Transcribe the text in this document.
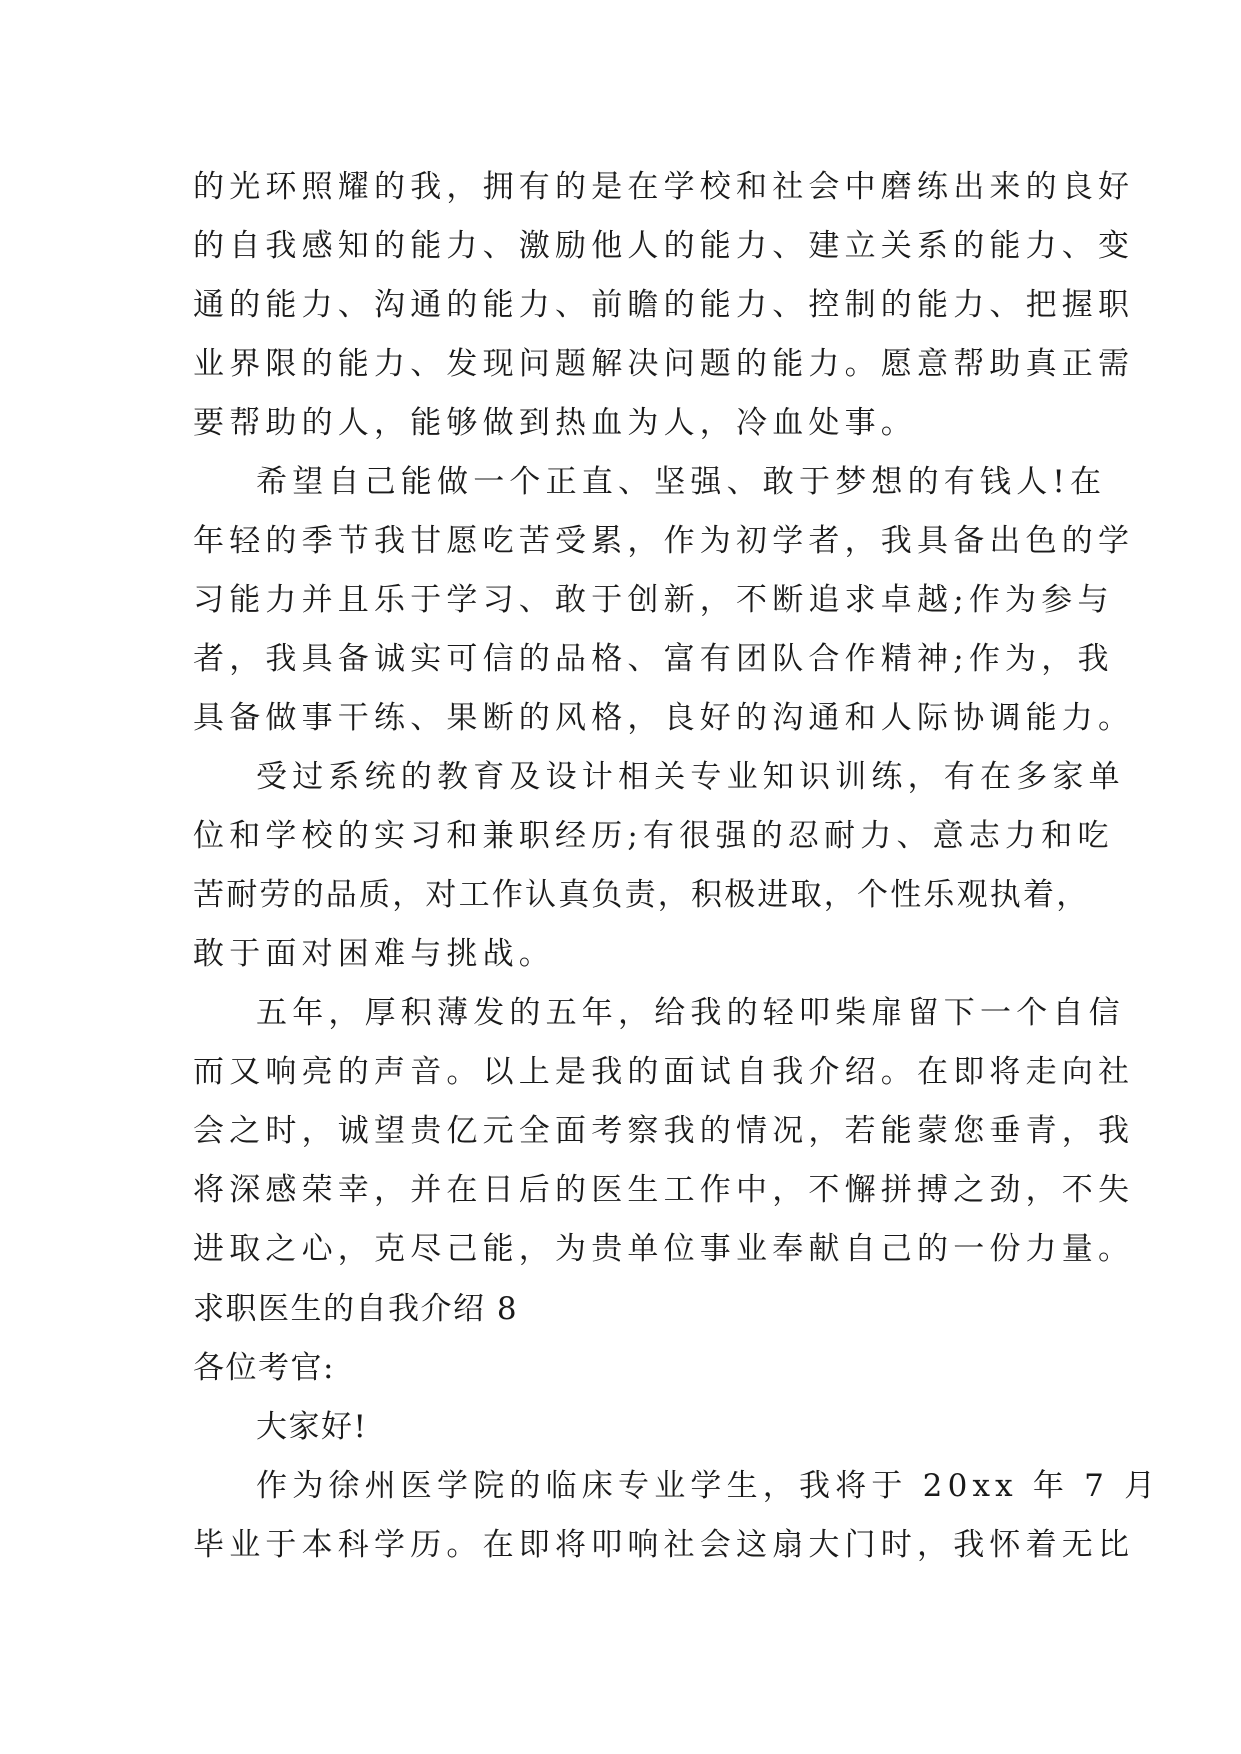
的光环照耀的我，拥有的是在学校和社会中磨练出来的良好

的自我感知的能力、激励他人的能力、建立关系的能力、变

通的能力、沟通的能力、前瞻的能力、控制的能力、把握职

业界限的能力、发现问题解决问题的能力。愿意帮助真正需

要帮助的人，能够做到热血为人，冷血处事。

希望自己能做一个正直、坚强、敢于梦想的有钱人!在

年轻的季节我甘愿吃苦受累，作为初学者，我具备出色的学

习能力并且乐于学习、敢于创新，不断追求卓越;作为参与

者，我具备诚实可信的品格、富有团队合作精神;作为，我

具备做事干练、果断的风格，良好的沟通和人际协调能力。

受过系统的教育及设计相关专业知识训练，有在多家单

位和学校的实习和兼职经历;有很强的忍耐力、意志力和吃

苦耐劳的品质，对工作认真负责，积极进取，个性乐观执着，

敢于面对困难与挑战。

五年，厚积薄发的五年，给我的轻叩柴扉留下一个自信

而又响亮的声音。以上是我的面试自我介绍。在即将走向社

会之时，诚望贵亿元全面考察我的情况，若能蒙您垂青，我

将深感荣幸，并在日后的医生工作中，不懈拼搏之劲，不失

进取之心，克尽己能，为贵单位事业奉献自己的一份力量。

求职医生的自我介绍 8

各位考官:

大家好!

作为徐州医学院的临床专业学生，我将于 20xx 年 7 月

毕业于本科学历。在即将叩响社会这扇大门时，我怀着无比
